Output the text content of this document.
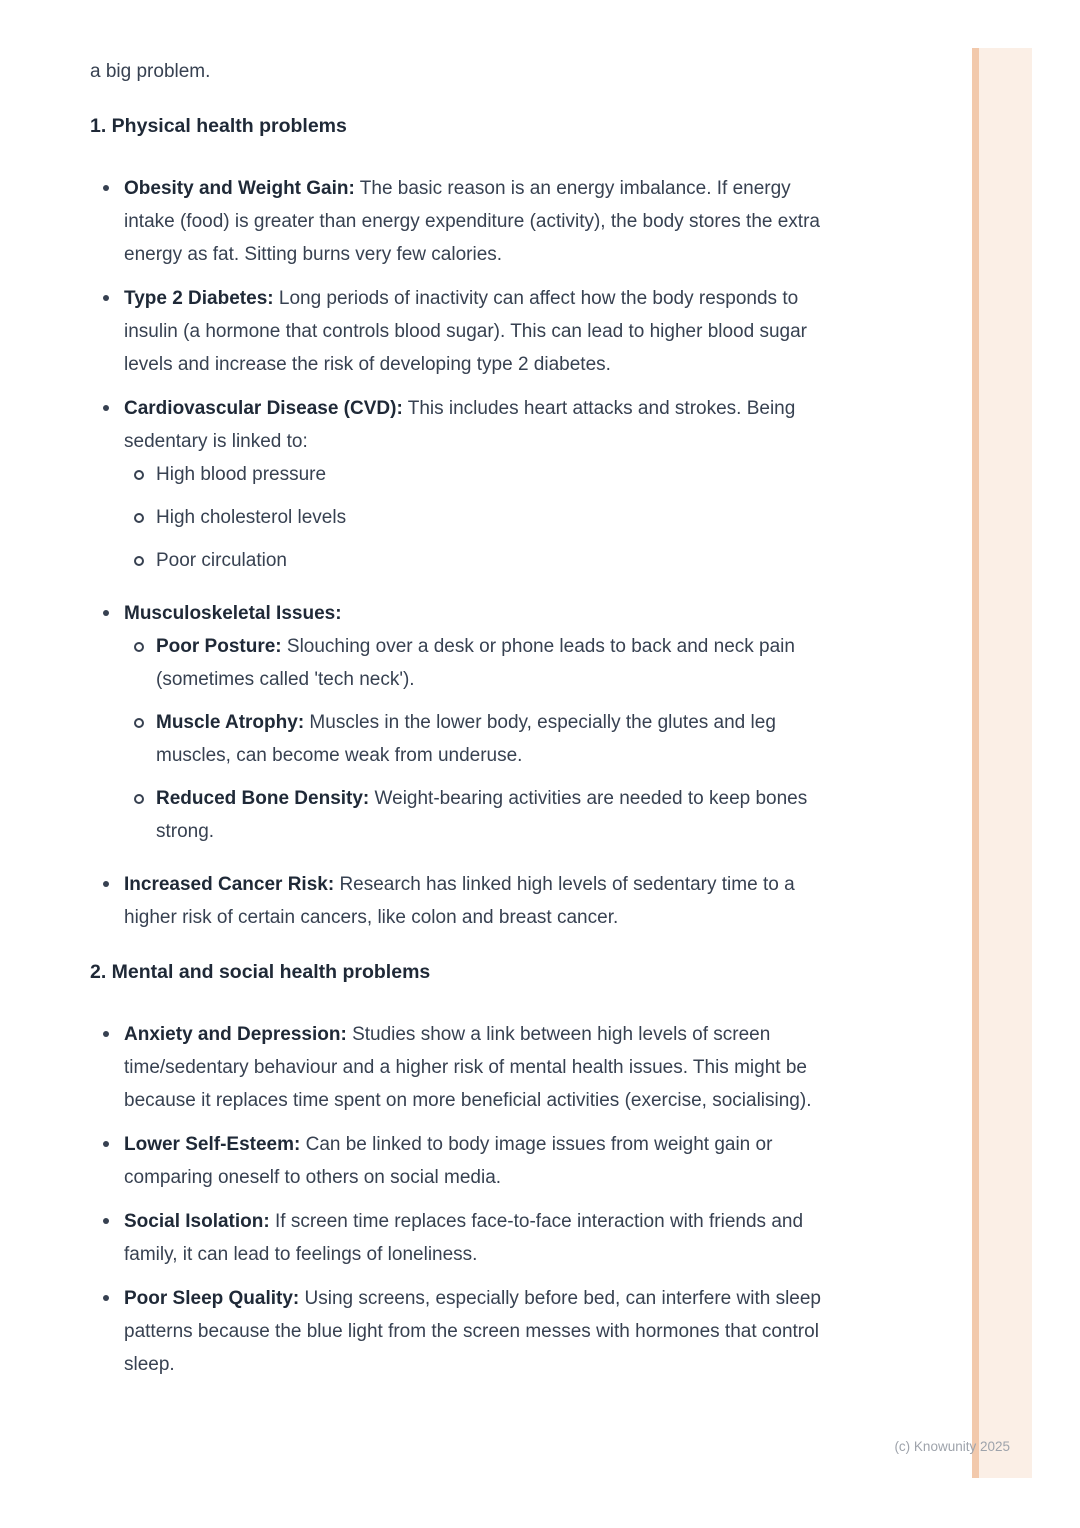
a big problem.

1. Physical health problems
Obesity and Weight Gain: The basic reason is an energy imbalance. If energy intake (food) is greater than energy expenditure (activity), the body stores the extra energy as fat. Sitting burns very few calories.
Type 2 Diabetes: Long periods of inactivity can affect how the body responds to insulin (a hormone that controls blood sugar). This can lead to higher blood sugar levels and increase the risk of developing type 2 diabetes.
Cardiovascular Disease (CVD): This includes heart attacks and strokes. Being sedentary is linked to:
High blood pressure
High cholesterol levels
Poor circulation
Musculoskeletal Issues:
Poor Posture: Slouching over a desk or phone leads to back and neck pain (sometimes called 'tech neck').
Muscle Atrophy: Muscles in the lower body, especially the glutes and leg muscles, can become weak from underuse.
Reduced Bone Density: Weight-bearing activities are needed to keep bones strong.
Increased Cancer Risk: Research has linked high levels of sedentary time to a higher risk of certain cancers, like colon and breast cancer.
2. Mental and social health problems
Anxiety and Depression: Studies show a link between high levels of screen time/sedentary behaviour and a higher risk of mental health issues. This might be because it replaces time spent on more beneficial activities (exercise, socialising).
Lower Self-Esteem: Can be linked to body image issues from weight gain or comparing oneself to others on social media.
Social Isolation: If screen time replaces face-to-face interaction with friends and family, it can lead to feelings of loneliness.
Poor Sleep Quality: Using screens, especially before bed, can interfere with sleep patterns because the blue light from the screen messes with hormones that control sleep.
(c) Knowunity 2025
